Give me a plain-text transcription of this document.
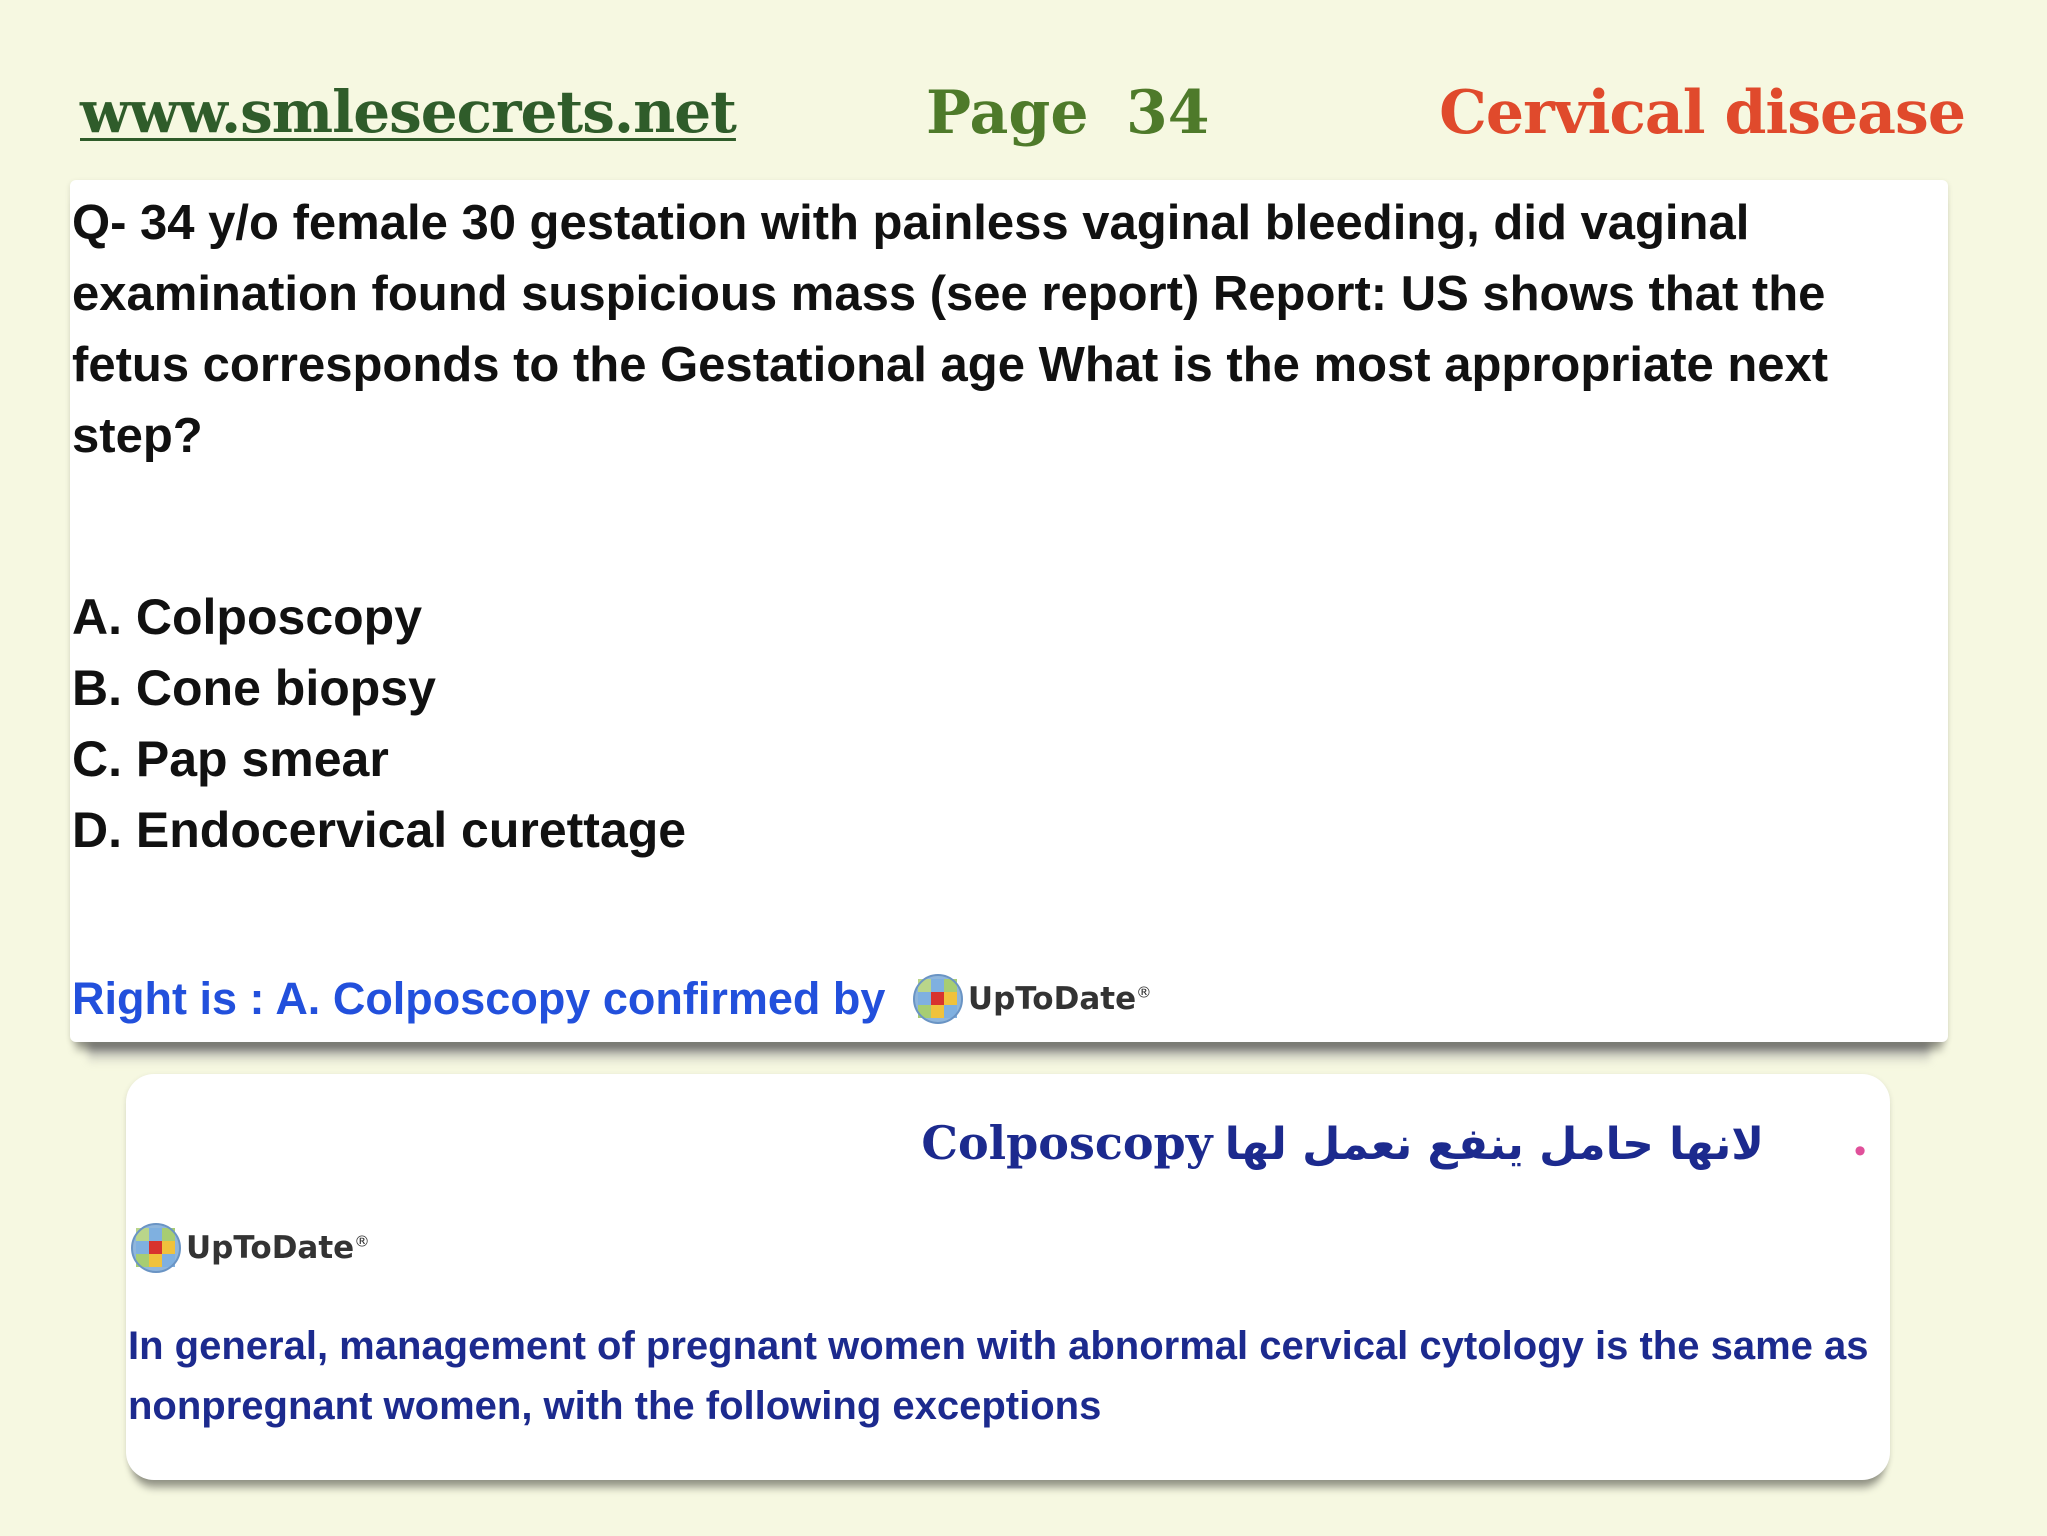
www.smlesecrets.net	Page 34	Cervical disease
Q- 34 y/o female 30 gestation with painless vaginal bleeding, did vaginal examination found suspicious mass (see report) Report: US shows that the fetus corresponds to the Gestational age What is the most appropriate next step?
A. Colposcopy
B. Cone biopsy
C. Pap smear
D. Endocervical curettage
Right is : A. Colposcopy confirmed by	UpToDate®
•
Colposcopy لانها حامل ينفع نعمل لها
UpToDate®
In general, management of pregnant women with abnormal cervical cytology is the same as nonpregnant women, with the following exceptions
